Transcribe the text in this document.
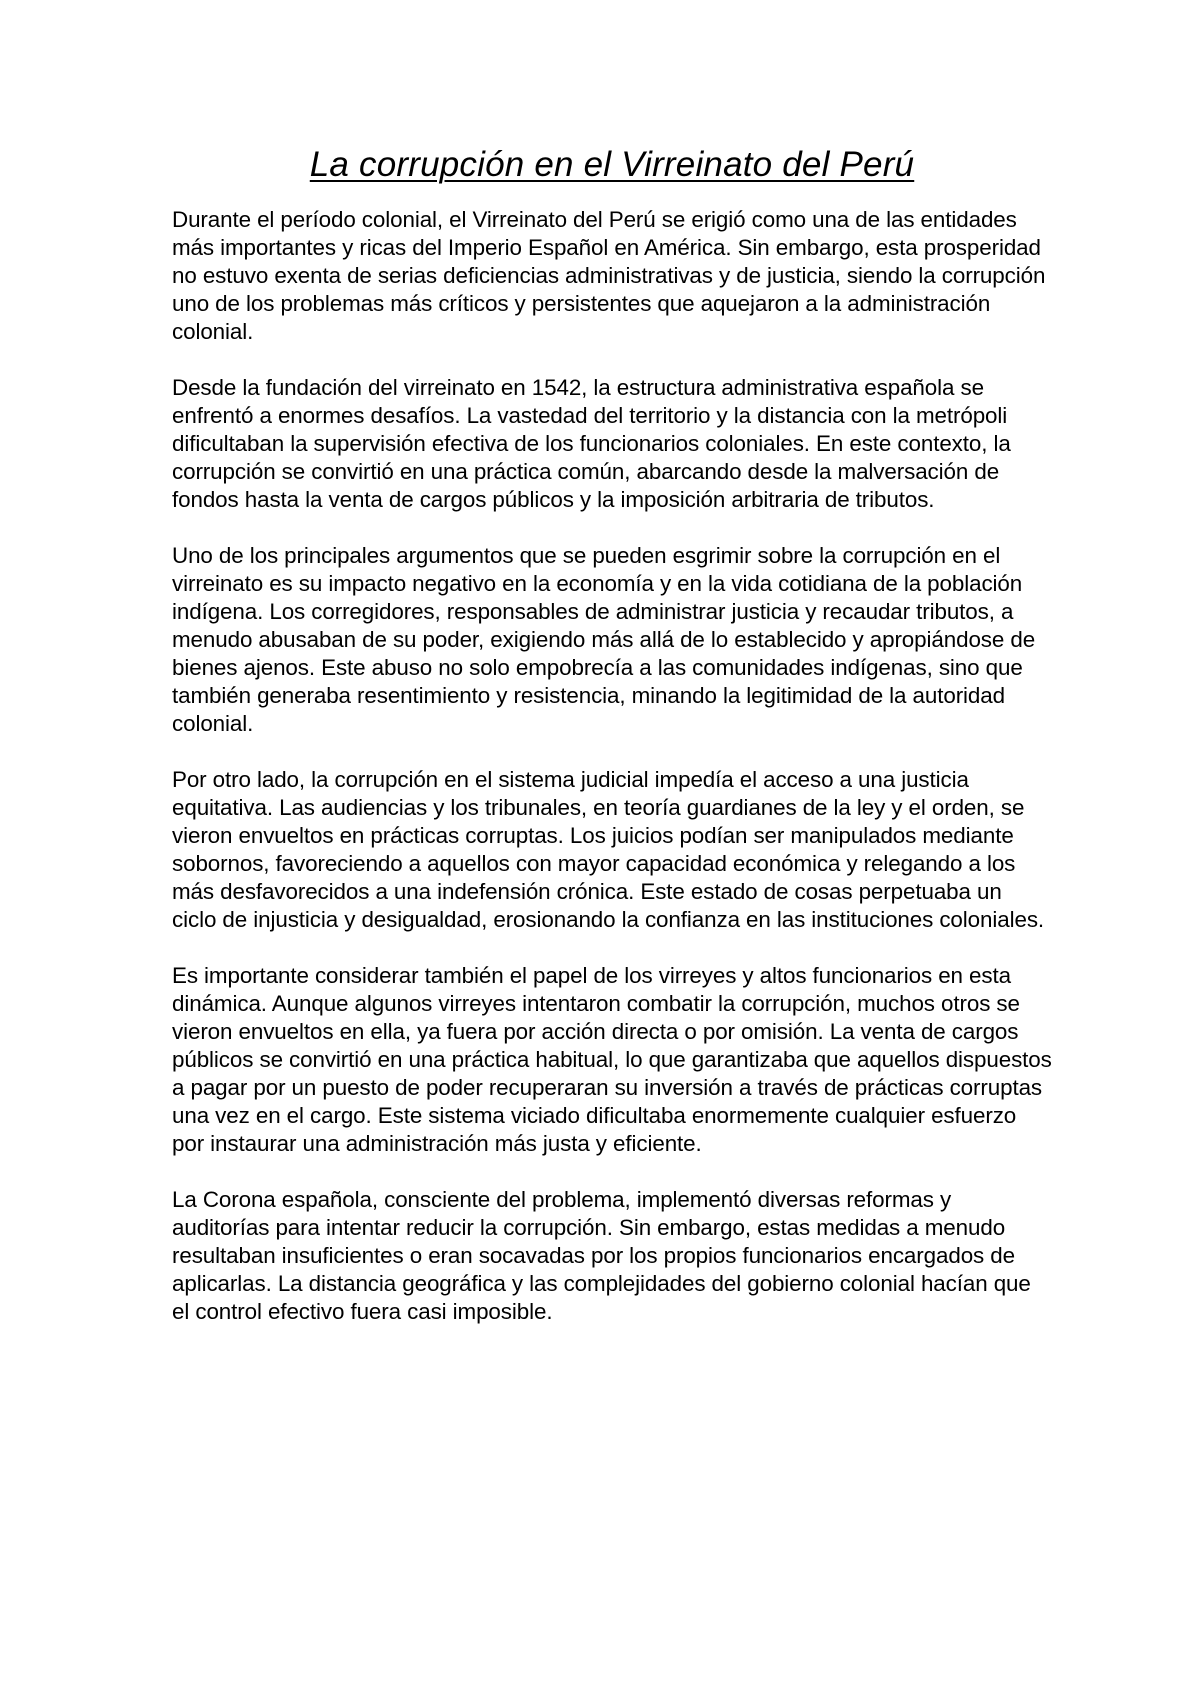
La corrupción en el Virreinato del Perú

Durante el período colonial, el Virreinato del Perú se erigió como una de las entidades más importantes y ricas del Imperio Español en América. Sin embargo, esta prosperidad no estuvo exenta de serias deficiencias administrativas y de justicia, siendo la corrupción uno de los problemas más críticos y persistentes que aquejaron a la administración colonial.

Desde la fundación del virreinato en 1542, la estructura administrativa española se enfrentó a enormes desafíos. La vastedad del territorio y la distancia con la metrópoli dificultaban la supervisión efectiva de los funcionarios coloniales. En este contexto, la corrupción se convirtió en una práctica común, abarcando desde la malversación de fondos hasta la venta de cargos públicos y la imposición arbitraria de tributos.

Uno de los principales argumentos que se pueden esgrimir sobre la corrupción en el virreinato es su impacto negativo en la economía y en la vida cotidiana de la población indígena. Los corregidores, responsables de administrar justicia y recaudar tributos, a menudo abusaban de su poder, exigiendo más allá de lo establecido y apropiándose de bienes ajenos. Este abuso no solo empobrecía a las comunidades indígenas, sino que también generaba resentimiento y resistencia, minando la legitimidad de la autoridad colonial.

Por otro lado, la corrupción en el sistema judicial impedía el acceso a una justicia equitativa. Las audiencias y los tribunales, en teoría guardianes de la ley y el orden, se vieron envueltos en prácticas corruptas. Los juicios podían ser manipulados mediante sobornos, favoreciendo a aquellos con mayor capacidad económica y relegando a los más desfavorecidos a una indefensión crónica. Este estado de cosas perpetuaba un ciclo de injusticia y desigualdad, erosionando la confianza en las instituciones coloniales.

Es importante considerar también el papel de los virreyes y altos funcionarios en esta dinámica. Aunque algunos virreyes intentaron combatir la corrupción, muchos otros se vieron envueltos en ella, ya fuera por acción directa o por omisión. La venta de cargos públicos se convirtió en una práctica habitual, lo que garantizaba que aquellos dispuestos a pagar por un puesto de poder recuperaran su inversión a través de prácticas corruptas una vez en el cargo. Este sistema viciado dificultaba enormemente cualquier esfuerzo por instaurar una administración más justa y eficiente.

La Corona española, consciente del problema, implementó diversas reformas y auditorías para intentar reducir la corrupción. Sin embargo, estas medidas a menudo resultaban insuficientes o eran socavadas por los propios funcionarios encargados de aplicarlas. La distancia geográfica y las complejidades del gobierno colonial hacían que el control efectivo fuera casi imposible.
